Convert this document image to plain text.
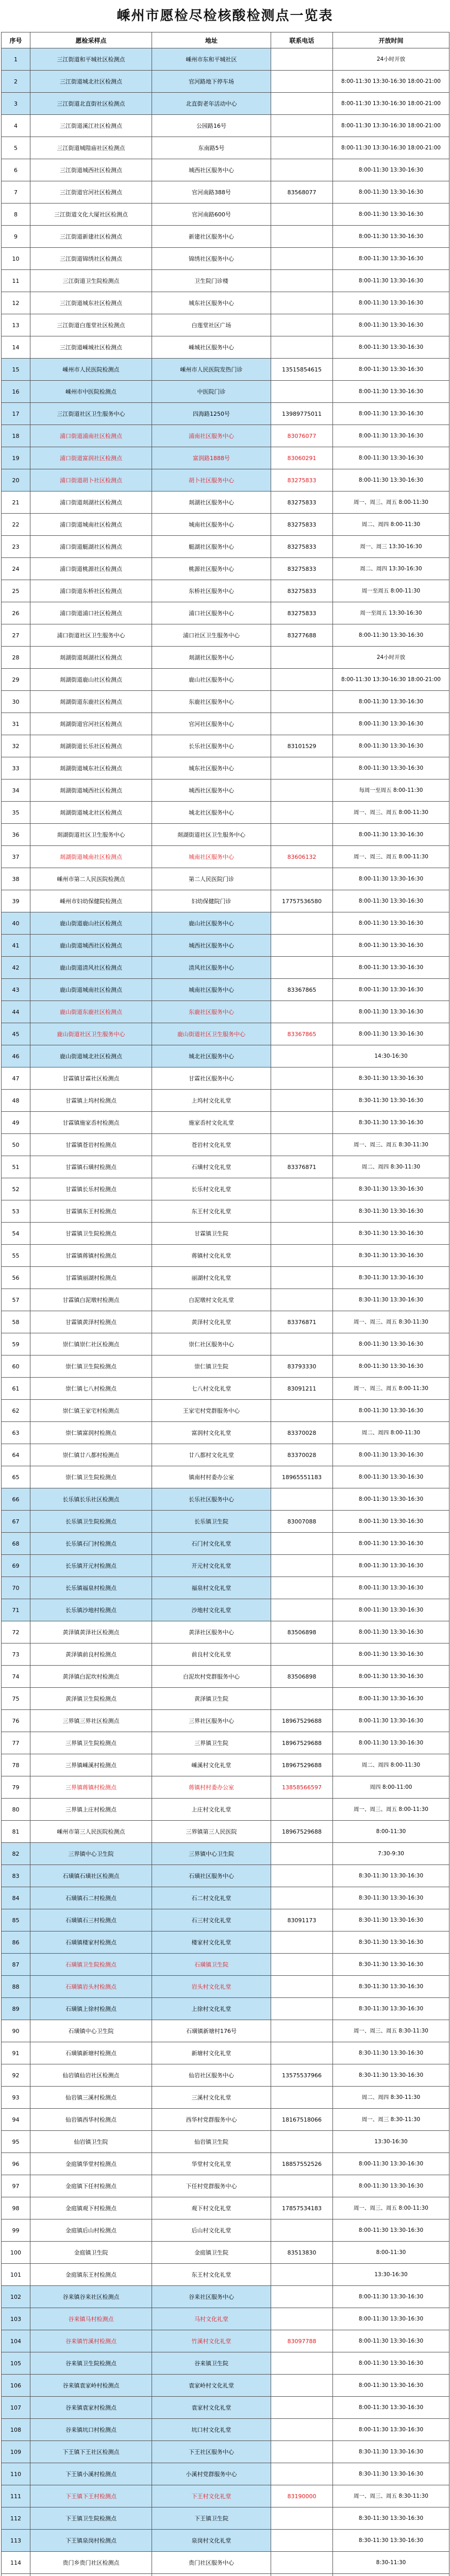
嵊州市愿检尽检核酸检测点一览表
序号	愿检采样点	地址	联系电话	开放时间
1	三江街道和平城社区检测点	嵊州市东和平城社区		24小时开放
2	三江街道城北社区检测点	官河路地下停车场		8:00-11:30 13:30-16:30 18:00-21:00
3	三江街道北直街社区检测点	北直街老年活动中心		8:00-11:30 13:30-16:30 18:00-21:00
4	三江街道溪江社区检测点	公园路16号		8:00-11:30 13:30-16:30 18:00-21:00
5	三江街道城隍庙社区检测点	东南路5号		8:00-11:30 13:30-16:30 18:00-21:00
6	三江街道城西社区检测点	城西社区服务中心		8:00-11:30 13:30-16:30
7	三江街道官河社区检测点	官河南路388号	83568077	8:00-11:30 13:30-16:30
8	三江街道文化大厦社区检测点	官河南路600号		8:00-11:30 13:30-16:30
9	三江街道新建社区检测点	新建社区服务中心		8:00-11:30 13:30-16:30
10	三江街道锦绣社区检测点	锦绣社区服务中心		8:00-11:30 13:30-16:30
11	三江街道卫生院检测点	卫生院门诊楼		8:00-11:30 13:30-16:30
12	三江街道城东社区检测点	城东社区服务中心		8:00-11:30 13:30-16:30
13	三江街道白莲堂社区检测点	白莲堂社区广场		8:00-11:30 13:30-16:30
14	三江街道嵊城社区检测点	嵊城社区服务中心		8:00-11:30 13:30-16:30
15	嵊州市人民医院检测点	嵊州市人民医院发热门诊	13515854615	8:00-11:30 13:30-16:30
16	嵊州市中医院检测点	中医院门诊		8:00-11:30 13:30-16:30
17	三江街道社区卫生服务中心	四海路1250号	13989775011	8:00-11:30 13:30-16:30
18	浦口街道浦南社区检测点	浦南社区服务中心	83076077	8:00-11:30 13:30-16:30
19	浦口街道富润社区检测点	富润路1888号	83060291	8:00-11:30 13:30-16:30
20	浦口街道胡卜社区检测点	胡卜社区服务中心	83275833	8:00-11:30 13:30-16:30
21	浦口街道剡湖社区检测点	剡湖社区服务中心	83275833	周一、周三、周五 8:00-11:30
22	浦口街道城南社区检测点	城南社区服务中心	83275833	周二、周四 8:00-11:30
23	浦口街道艇湖社区检测点	艇湖社区服务中心	83275833	周一、周三 13:30-16:30
24	浦口街道桃源社区检测点	桃源社区服务中心	83275833	周二、周四 13:30-16:30
25	浦口街道东桥社区检测点	东桥社区服务中心	83275833	周一至周五 8:00-11:30
26	浦口街道浦口社区检测点	浦口社区服务中心	83275833	周一至周五 13:30-16:30
27	浦口街道社区卫生服务中心	浦口社区卫生服务中心	83277688	8:00-11:30 13:30-16:30
28	剡湖街道剡湖社区检测点	剡湖社区服务中心		24小时开放
29	剡湖街道鹿山社区检测点	鹿山社区服务中心		8:00-11:30 13:30-16:30 18:00-21:00
30	剡湖街道东鹿社区检测点	东鹿社区服务中心		8:00-11:30 13:30-16:30
31	剡湖街道官河社区检测点	官河社区服务中心		8:00-11:30 13:30-16:30
32	剡湖街道长乐社区检测点	长乐社区服务中心	83101529	8:00-11:30 13:30-16:30
33	剡湖街道城东社区检测点	城东社区服务中心		8:00-11:30 13:30-16:30
34	剡湖街道城西社区检测点	城西社区服务中心		每周一至周五 8:00-11:30
35	剡湖街道城北社区检测点	城北社区服务中心		周一、周三、周五 8:00-11:30
36	剡湖街道社区卫生服务中心	剡湖街道社区卫生服务中心		8:00-11:30 13:30-16:30
37	剡湖街道城南社区检测点	城南社区服务中心	83606132	周一、周三、周五 8:00-11:30
38	嵊州市第二人民医院检测点	第二人民医院门诊		8:00-11:30 13:30-16:30
39	嵊州市妇幼保健院检测点	妇幼保健院门诊	17757536580	8:00-11:30 13:30-16:30
40	鹿山街道鹿山社区检测点	鹿山社区服务中心		8:00-11:30 13:30-16:30
41	鹿山街道城西社区检测点	城西社区服务中心		8:00-11:30 13:30-16:30
42	鹿山街道清风社区检测点	清风社区服务中心		8:00-11:30 13:30-16:30
43	鹿山街道城南社区检测点	城南社区服务中心	83367865	8:00-11:30 13:30-16:30
44	鹿山街道东鹿社区检测点	东鹿社区服务中心		8:00-11:30 13:30-16:30
45	鹿山街道社区卫生服务中心	鹿山街道社区卫生服务中心	83367865	8:00-11:30 13:30-16:30
46	鹿山街道城北社区检测点	城北社区服务中心		14:30-16:30
47	甘霖镇甘霖社区检测点	甘霖社区服务中心		8:30-11:30 13:30-16:30
48	甘霖镇上坞村检测点	上坞村文化礼堂		8:30-11:30 13:30-16:30
49	甘霖镇施家岙村检测点	施家岙村文化礼堂		8:30-11:30 13:30-16:30
50	甘霖镇苍岩村检测点	苍岩村文化礼堂		周一、周三、周五 8:30-11:30
51	甘霖镇石璜村检测点	石璜村文化礼堂	83376871	周二、周四 8:30-11:30
52	甘霖镇长乐村检测点	长乐村文化礼堂		8:30-11:30 13:30-16:30
53	甘霖镇东王村检测点	东王村文化礼堂		8:30-11:30 13:30-16:30
54	甘霖镇卫生院检测点	甘霖镇卫生院		8:30-11:30 13:30-16:30
55	甘霖镇蒋镇村检测点	蒋镇村文化礼堂		8:30-11:30 13:30-16:30
56	甘霖镇丽湖村检测点	丽湖村文化礼堂		8:30-11:30 13:30-16:30
57	甘霖镇白泥墩村检测点	白泥墩村文化礼堂		8:30-11:30 13:30-16:30
58	甘霖镇黄泽村检测点	黄泽村文化礼堂	83376871	周一、周三、周五 8:30-11:30
59	崇仁镇崇仁社区检测点	崇仁社区服务中心		8:00-11:30 13:30-16:30
60	崇仁镇卫生院检测点	崇仁镇卫生院	83793330	8:00-11:30 13:30-16:30
61	崇仁镇七八村检测点	七八村文化礼堂	83091211	周一、周三、周五 8:00-11:30
62	崇仁镇王家宅村检测点	王家宅村党群服务中心		8:00-11:30 13:30-16:30
63	崇仁镇富润村检测点	富润村文化礼堂	83370028	周二、周四 8:00-11:30
64	崇仁镇廿八都村检测点	廿八都村文化礼堂	83370028	8:00-11:30 13:30-16:30
65	崇仁镇卫生院检测点	镇南村村委办公室	18965551183	8:00-11:30 13:30-16:30
66	长乐镇长乐社区检测点	长乐社区服务中心		8:00-11:30 13:30-16:30
67	长乐镇卫生院检测点	长乐镇卫生院	83007088	8:00-11:30 13:30-16:30
68	长乐镇石门村检测点	石门村文化礼堂		8:00-11:30 13:30-16:30
69	长乐镇开元村检测点	开元村文化礼堂		8:00-11:30 13:30-16:30
70	长乐镇福泉村检测点	福泉村文化礼堂		8:00-11:30 13:30-16:30
71	长乐镇沙地村检测点	沙地村文化礼堂		8:00-11:30 13:30-16:30
72	黄泽镇黄泽社区检测点	黄泽社区服务中心	83506898	8:00-11:30 13:30-16:30
73	黄泽镇前良村检测点	前良村文化礼堂		8:00-11:30 13:30-16:30
74	黄泽镇白泥坎村检测点	白泥坎村党群服务中心	83506898	8:00-11:30 13:30-16:30
75	黄泽镇卫生院检测点	黄泽镇卫生院		8:00-11:30 13:30-16:30
76	三界镇三界社区检测点	三界社区服务中心	18967529688	8:00-11:30 13:30-16:30
77	三界镇卫生院检测点	三界镇卫生院	18967529688	8:00-11:30 13:30-16:30
78	三界镇嵊溪村检测点	嵊溪村文化礼堂	18967529688	周二、周四 8:00-11:30
79	三界镇蒋镇村检测点	蒋镇村村委办公室	13858566597	周四 8:00-11:00
80	三界镇上庄村检测点	上庄村文化礼堂		周一、周三、周五 8:00-11:30
81	嵊州市第三人民医院检测点	三界镇第三人民医院	18967529688	8:00-11:30
82	三界镇中心卫生院	三界镇中心卫生院		7:30-9:30
83	石璜镇石璜社区检测点	石璜社区服务中心		8:30-11:30 13:30-16:30
84	石璜镇石二村检测点	石二村文化礼堂		8:30-11:30 13:30-16:30
85	石璜镇石三村检测点	石三村文化礼堂	83091173	8:30-11:30 13:30-16:30
86	石璜镇楼家村检测点	楼家村文化礼堂		8:30-11:30 13:30-16:30
87	石璜镇卫生院检测点	石璜镇卫生院		8:30-11:30 13:30-16:30
88	石璜镇岩头村检测点	岩头村文化礼堂		8:30-11:30 13:30-16:30
89	石璜镇上徐村检测点	上徐村文化礼堂		8:30-11:30 13:30-16:30
90	石璜镇中心卫生院	石璜镇新塘村176号		周一、周三、周五 8:30-11:30
91	石璜镇新塘村检测点	新塘村文化礼堂		8:30-11:30 13:30-16:30
92	仙岩镇仙岩社区检测点	仙岩社区服务中心	13575537966	8:30-11:30 13:30-16:30
93	仙岩镇三溪村检测点	三溪村文化礼堂		周二、周四 8:30-11:30
94	仙岩镇西华村检测点	西华村党群服务中心	18167518066	周一、周三 8:30-11:30
95	仙岩镇卫生院	仙岩镇卫生院		13:30-16:30
96	金庭镇华堂村检测点	华堂村文化礼堂	18857552526	8:00-11:30 13:30-16:30
97	金庭镇下任村检测点	下任村党群服务中心		8:00-11:30 13:30-16:30
98	金庭镇观下村检测点	观下村文化礼堂	17857534183	周一、周三、周五 8:00-11:30
99	金庭镇后山村检测点	后山村文化礼堂		8:00-11:30 13:30-16:30
100	金庭镇卫生院	金庭镇卫生院	83513830	8:00-11:30
101	金庭镇东王村检测点	东王村文化礼堂		13:30-16:30
102	谷来镇谷来社区检测点	谷来社区服务中心		8:00-11:30 13:30-16:30
103	谷来镇马村检测点	马村文化礼堂		8:00-11:30 13:30-16:30
104	谷来镇竹溪村检测点	竹溪村文化礼堂	83097788	8:00-11:30 13:30-16:30
105	谷来镇卫生院检测点	谷来镇卫生院		8:00-11:30 13:30-16:30
106	谷来镇袁家岭村检测点	袁家岭村文化礼堂		8:00-11:30 13:30-16:30
107	谷来镇袁家村检测点	袁家村文化礼堂		8:00-11:30 13:30-16:30
108	谷来镇坑口村检测点	坑口村文化礼堂		8:00-11:30 13:30-16:30
109	下王镇下王社区检测点	下王社区服务中心		8:30-11:30 13:30-16:30
110	下王镇小溪村检测点	小溪村党群服务中心		8:30-11:30 13:30-16:30
111	下王镇下王村检测点	下王村文化礼堂	83190000	周一、周三、周五 8:30-11:30
112	下王镇卫生院检测点	下王镇卫生院		8:30-11:30 13:30-16:30
113	下王镇泉岗村检测点	泉岗村文化礼堂		8:30-11:30 13:30-16:30
114	贵门乡贵门社区检测点	贵门社区服务中心		8:30-11:30
